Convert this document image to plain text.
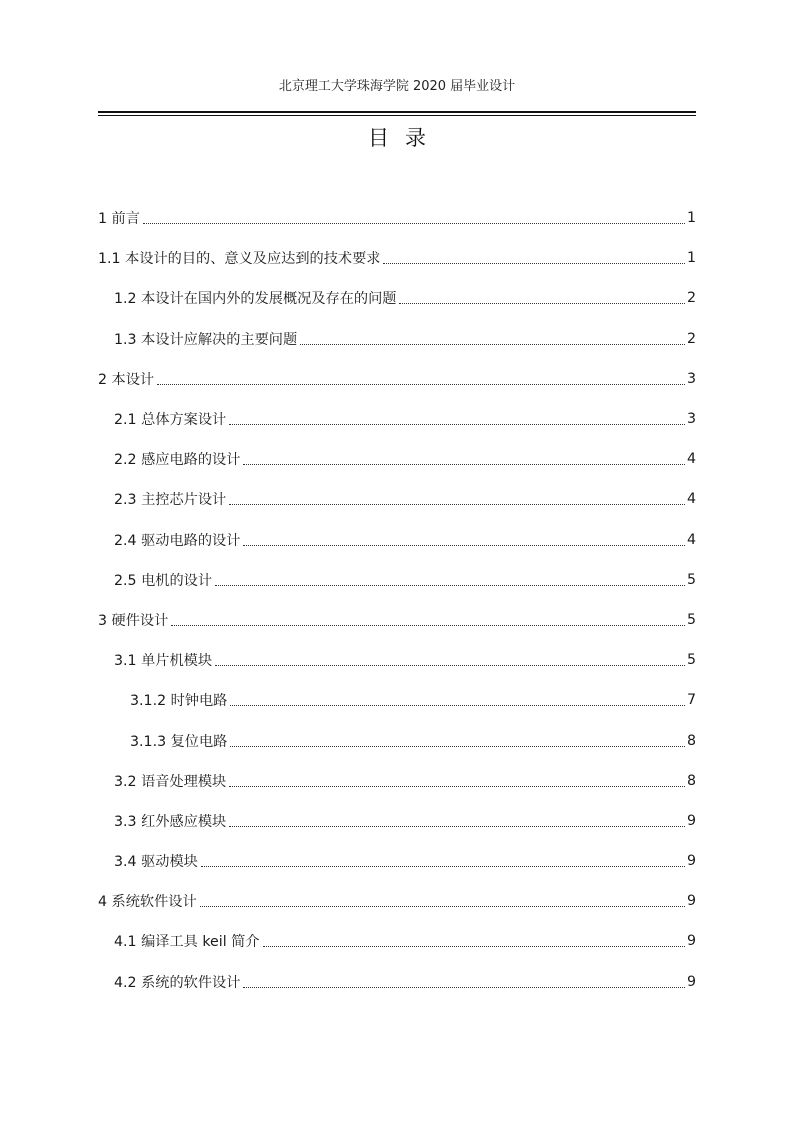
北京理工大学珠海学院 2020 届毕业设计
目录
1 前言	1
1.1 本设计的目的、意义及应达到的技术要求	1
1.2 本设计在国内外的发展概况及存在的问题	2
1.3 本设计应解决的主要问题	2
2 本设计	3
2.1 总体方案设计	3
2.2 感应电路的设计	4
2.3 主控芯片设计	4
2.4 驱动电路的设计	4
2.5 电机的设计	5
3 硬件设计	5
3.1 单片机模块	5
3.1.2 时钟电路	7
3.1.3 复位电路	8
3.2 语音处理模块	8
3.3 红外感应模块	9
3.4 驱动模块	9
4 系统软件设计	9
4.1 编译工具 keil 简介	9
4.2 系统的软件设计	9
